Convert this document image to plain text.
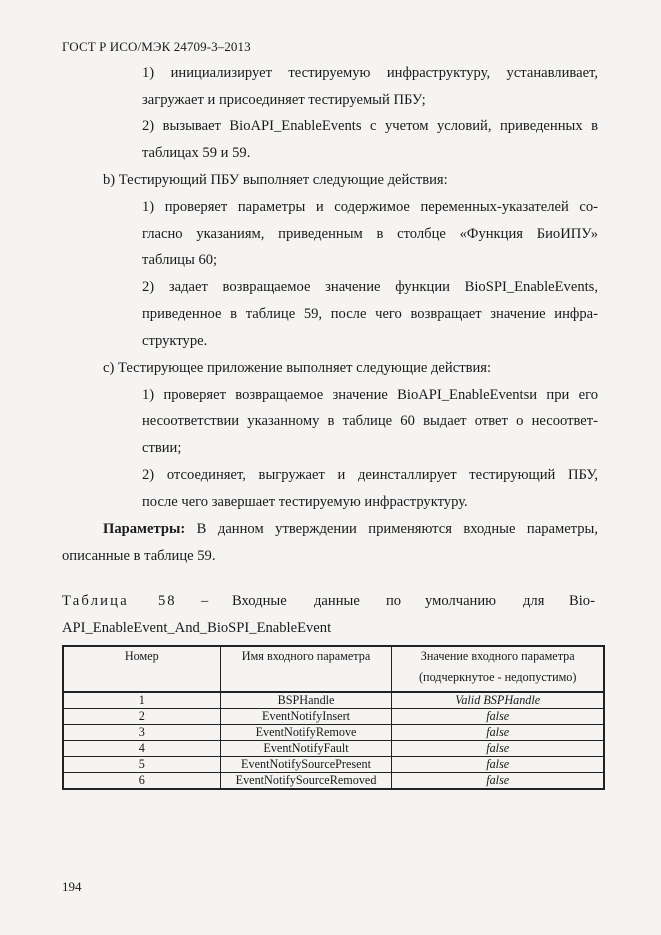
ГОСТ Р ИСО/МЭК 24709-3–2013
1) инициализирует тестируемую инфраструктуру, устанавливает,
загружает и присоединяет тестируемый ПБУ;
2) вызывает BioAPI_EnableEvents с учетом условий, приведенных в
таблицах 59 и 59.
b) Тестирующий ПБУ выполняет следующие действия:
1) проверяет параметры и содержимое переменных-указателей со-
гласно указаниям, приведенным в столбце «Функция БиоИПУ»
таблицы 60;
2) задает возвращаемое значение функции BioSPI_EnableEvents,
приведенное в таблице 59, после чего возвращает значение инфра-
структуре.
c) Тестирующее приложение выполняет следующие действия:
1) проверяет возвращаемое значение BioAPI_EnableEventsи при его
несоответствии указанному в таблице 60 выдает ответ о несоответ-
ствии;
2) отсоединяет, выгружает и деинсталлирует тестирующий ПБУ,
после чего завершает тестируемую инфраструктуру.
Параметры: В данном утверждении применяются входные параметры,
описанные в таблице 59.
Таблица 58 – Входные данные по умолчанию для Bio-
API_EnableEvent_And_BioSPI_EnableEvent
Номер	Имя входного параметра	Значение входного параметра
(подчеркнутое - недопустимо)

1	BSPHandle	Valid BSPHandle
2	EventNotifyInsert	false
3	EventNotifyRemove	false
4	EventNotifyFault	false
5	EventNotifySourcePresent	false
6	EventNotifySourceRemoved	false
194
